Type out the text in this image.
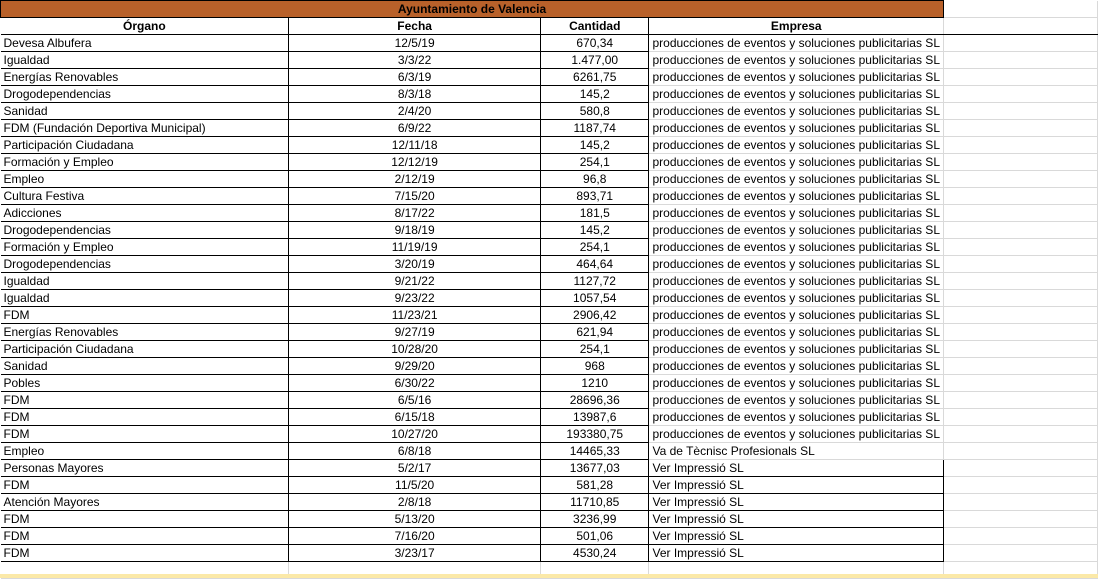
Ayuntamiento de Valencia				
Órgano	Fecha	Cantidad	Empresa	
Devesa Albufera	12/5/19	670,34	producciones de eventos y soluciones publicitarias SL	
Igualdad	3/3/22	1.477,00	producciones de eventos y soluciones publicitarias SL	
Energías Renovables	6/3/19	6261,75	producciones de eventos y soluciones publicitarias SL	
Drogodependencias	8/3/18	145,2	producciones de eventos y soluciones publicitarias SL	
Sanidad	2/4/20	580,8	producciones de eventos y soluciones publicitarias SL	
FDM (Fundación Deportiva Municipal)	6/9/22	1187,74	producciones de eventos y soluciones publicitarias SL	
Participación Ciudadana	12/11/18	145,2	producciones de eventos y soluciones publicitarias SL	
Formación y Empleo	12/12/19	254,1	producciones de eventos y soluciones publicitarias SL	
Empleo	2/12/19	96,8	producciones de eventos y soluciones publicitarias SL	
Cultura Festiva	7/15/20	893,71	producciones de eventos y soluciones publicitarias SL	
Adicciones	8/17/22	181,5	producciones de eventos y soluciones publicitarias SL	
Drogodependencias	9/18/19	145,2	producciones de eventos y soluciones publicitarias SL	
Formación y Empleo	11/19/19	254,1	producciones de eventos y soluciones publicitarias SL	
Drogodependencias	3/20/19	464,64	producciones de eventos y soluciones publicitarias SL	
Igualdad	9/21/22	1127,72	producciones de eventos y soluciones publicitarias SL	
Igualdad	9/23/22	1057,54	producciones de eventos y soluciones publicitarias SL	
FDM	11/23/21	2906,42	producciones de eventos y soluciones publicitarias SL	
Energías Renovables	9/27/19	621,94	producciones de eventos y soluciones publicitarias SL	
Participación Ciudadana	10/28/20	254,1	producciones de eventos y soluciones publicitarias SL	
Sanidad	9/29/20	968	producciones de eventos y soluciones publicitarias SL	
Pobles	6/30/22	1210	producciones de eventos y soluciones publicitarias SL	
FDM	6/5/16	28696,36	producciones de eventos y soluciones publicitarias SL	
FDM	6/15/18	13987,6	producciones de eventos y soluciones publicitarias SL	
FDM	10/27/20	193380,75	producciones de eventos y soluciones publicitarias SL	
Empleo	6/8/18	14465,33	Va de Tècnisc Profesionals SL	
Personas Mayores	5/2/17	13677,03	Ver Impressió SL	
FDM	11/5/20	581,28	Ver Impressió SL	
Atención Mayores	2/8/18	11710,85	Ver Impressió SL	
FDM	5/13/20	3236,99	Ver Impressió SL	
FDM	7/16/20	501,06	Ver Impressió SL	
FDM	3/23/17	4530,24	Ver Impressió SL	
